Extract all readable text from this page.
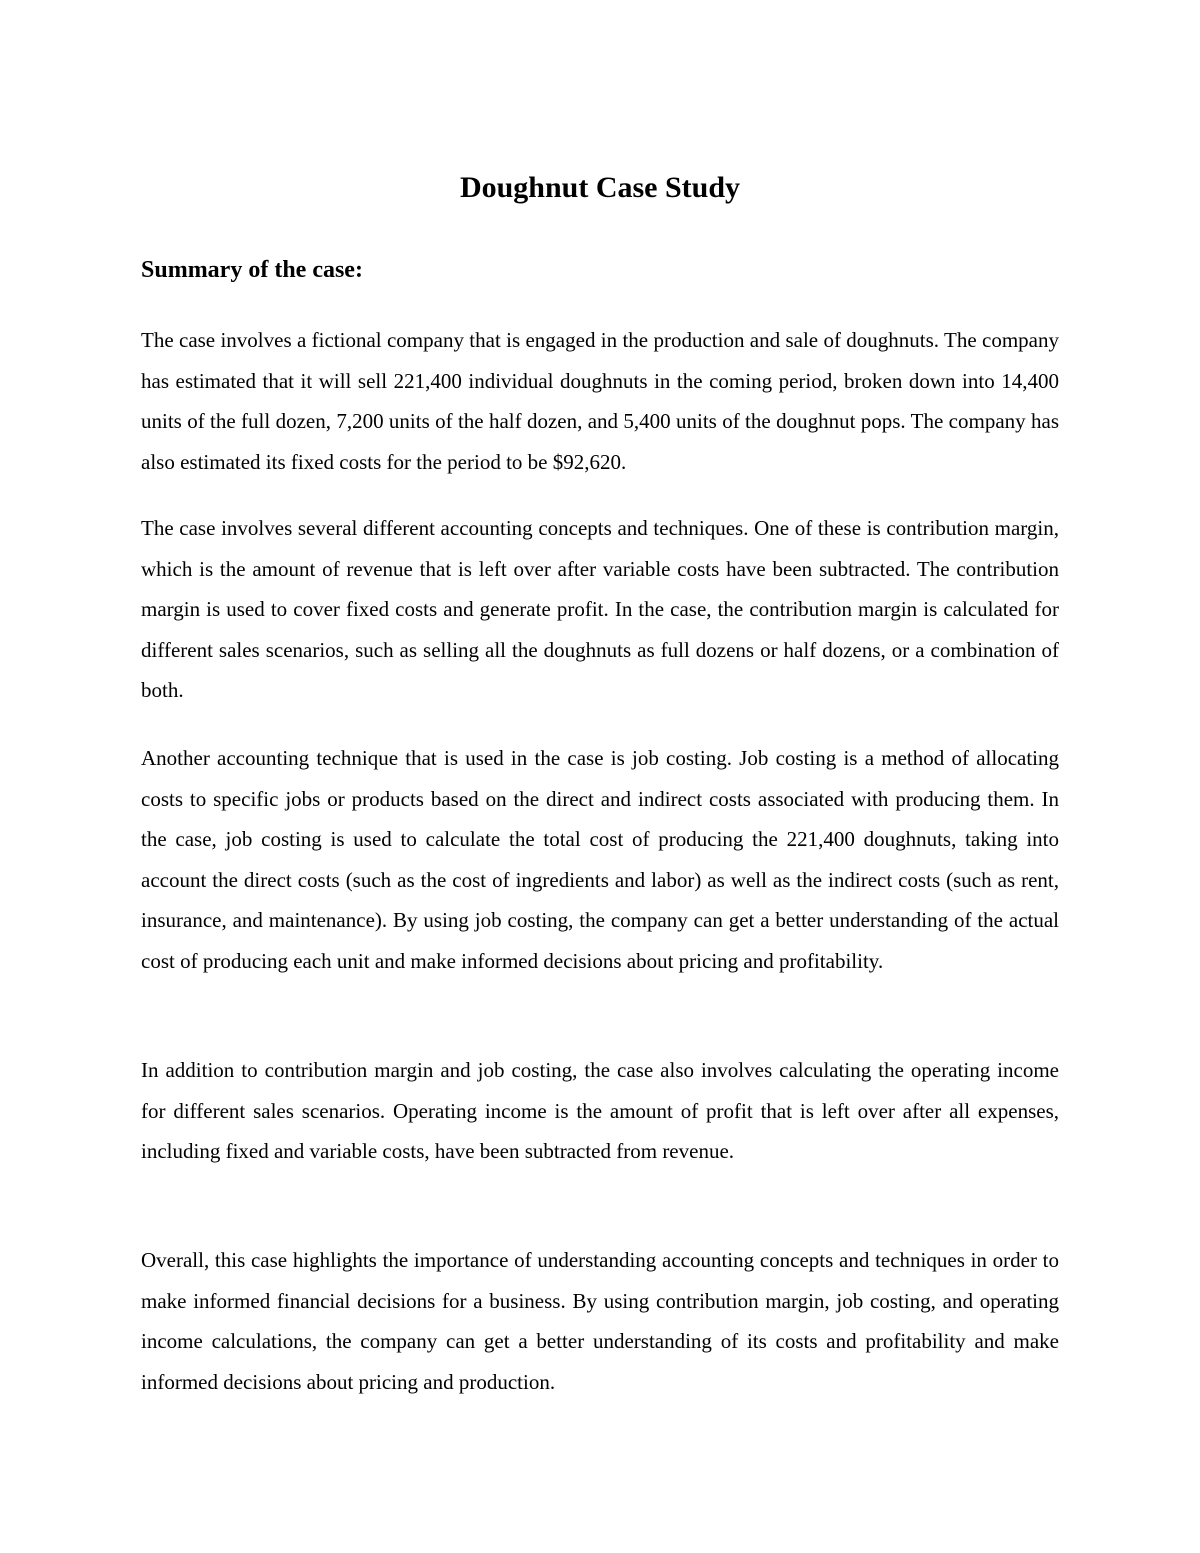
Doughnut Case Study
Summary of the case:

The case involves a fictional company that is engaged in the production and sale of doughnuts. The company has estimated that it will sell 221,400 individual doughnuts in the coming period, broken down into 14,400 units of the full dozen, 7,200 units of the half dozen, and 5,400 units of the doughnut pops. The company has also estimated its fixed costs for the period to be $92,620.

The case involves several different accounting concepts and techniques. One of these is contribution margin, which is the amount of revenue that is left over after variable costs have been subtracted. The contribution margin is used to cover fixed costs and generate profit. In the case, the contribution margin is calculated for different sales scenarios, such as selling all the doughnuts as full dozens or half dozens, or a combination of both.

Another accounting technique that is used in the case is job costing. Job costing is a method of allocating costs to specific jobs or products based on the direct and indirect costs associated with producing them. In the case, job costing is used to calculate the total cost of producing the 221,400 doughnuts, taking into account the direct costs (such as the cost of ingredients and labor) as well as the indirect costs (such as rent, insurance, and maintenance). By using job costing, the company can get a better understanding of the actual cost of producing each unit and make informed decisions about pricing and profitability.

In addition to contribution margin and job costing, the case also involves calculating the operating income for different sales scenarios. Operating income is the amount of profit that is left over after all expenses, including fixed and variable costs, have been subtracted from revenue.

Overall, this case highlights the importance of understanding accounting concepts and techniques in order to make informed financial decisions for a business. By using contribution margin, job costing, and operating income calculations, the company can get a better understanding of its costs and profitability and make informed decisions about pricing and production.
